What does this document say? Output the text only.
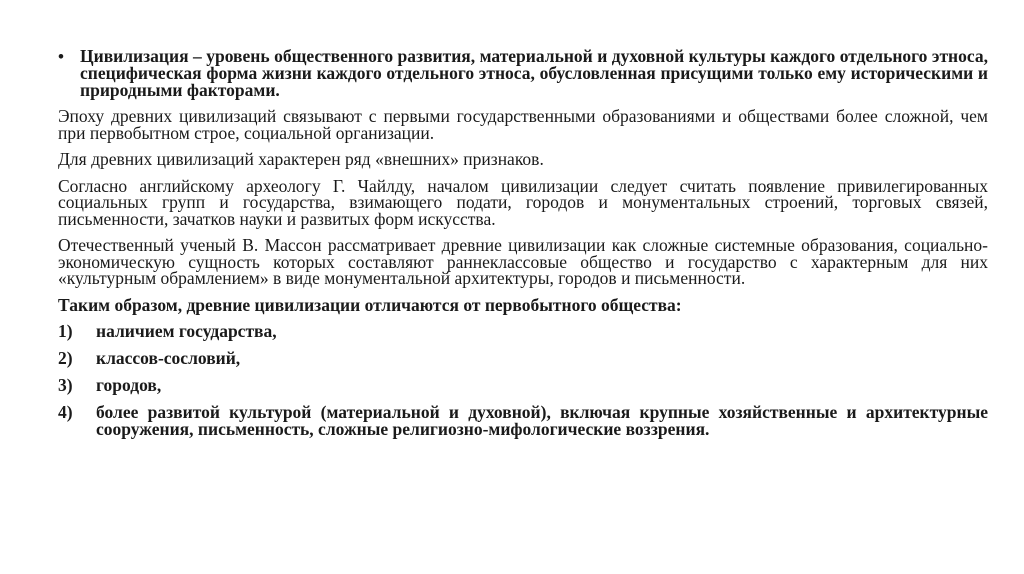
• Цивилизация – уровень общественного развития, материальной и духовной культуры каждого отдельного этноса, специфическая форма жизни каждого отдельного этноса, обусловленная присущими только ему историческими и природными факторами.

Эпоху древних цивилизаций связывают с первыми государственными образованиями и обществами более сложной, чем при первобытном строе, социальной организации.

Для древних цивилизаций характерен ряд «внешних» признаков.

Согласно английскому археологу Г. Чайлду, началом цивилизации следует считать появление привилегированных социальных групп и государства, взимающего подати, городов и монументальных строений, торговых связей, письменности, зачатков науки и развитых форм искусства.

Отечественный ученый В. Массон рассматривает древние цивилизации как сложные системные образования, социально-экономическую сущность которых составляют раннеклассовые общество и государство с характерным для них «культурным обрамлением» в виде монументальной архитектуры, городов и письменности.

Таким образом, древние цивилизации отличаются от первобытного общества:
1)	наличием государства,
2)	классов-сословий,
3)	городов,
4)	более развитой культурой (материальной и духовной), включая крупные хозяйственные и архитектурные сооружения, письменность, сложные религиозно-мифологические воззрения.
